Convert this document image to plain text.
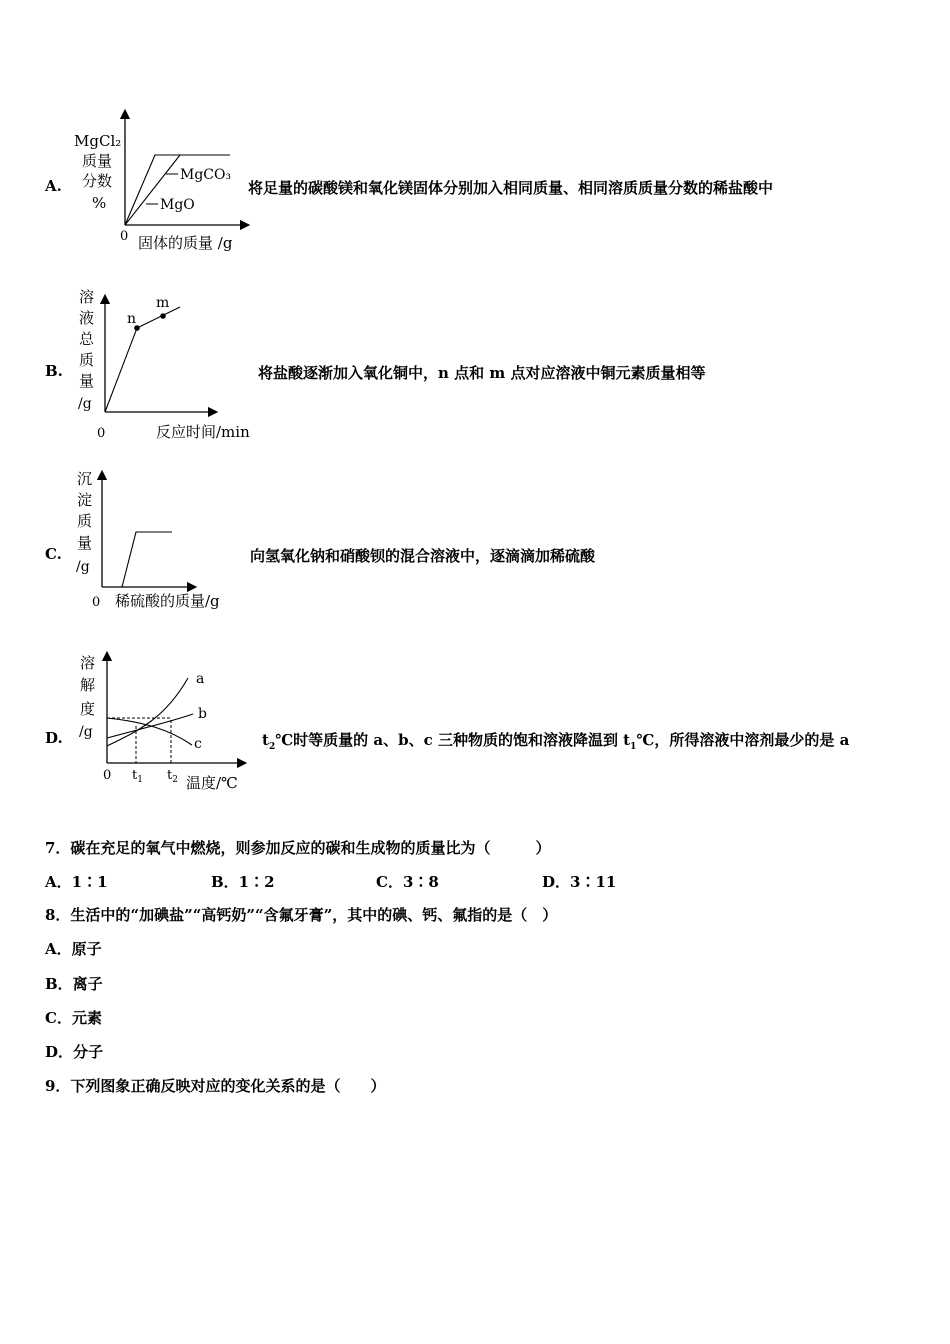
A.
MgCl₂
质量
分数
%
MgCO₃
MgO
0 固体的质量 /g
将足量的碳酸镁和氧化镁固体分别加入相同质量、相同溶质质量分数的稀盐酸中
B.
n
m
溶
液
总
质
量
/g
0	反应时间/min
将盐酸逐渐加入氧化铜中，n 点和 m 点对应溶液中铜元素质量相等
C.
沉
淀
质
量
/g
0 稀硫酸的质量/g
向氢氧化钠和硝酸钡的混合溶液中，逐滴滴加稀硫酸
D.
a
b
c
溶
解
度
/g
0 $t_1$ $t_2$ 温度/℃
$t_2℃$时等质量的 a、b、c 三种物质的饱和溶液降温到 $t_1℃$，所得溶液中溶剂最少的是 a
7．碳在充足的氧气中燃烧，则参加反应的碳和生成物的质量比为（　　　）
A．1∶1	B．1∶2	C．3∶8	D．3∶11
8．生活中的“加碘盐”“高钙奶”“含氟牙膏”，其中的碘、钙、氟指的是（　）
A．原子
B．离子
C．元素
D．分子
9．下列图象正确反映对应的变化关系的是（　　）
